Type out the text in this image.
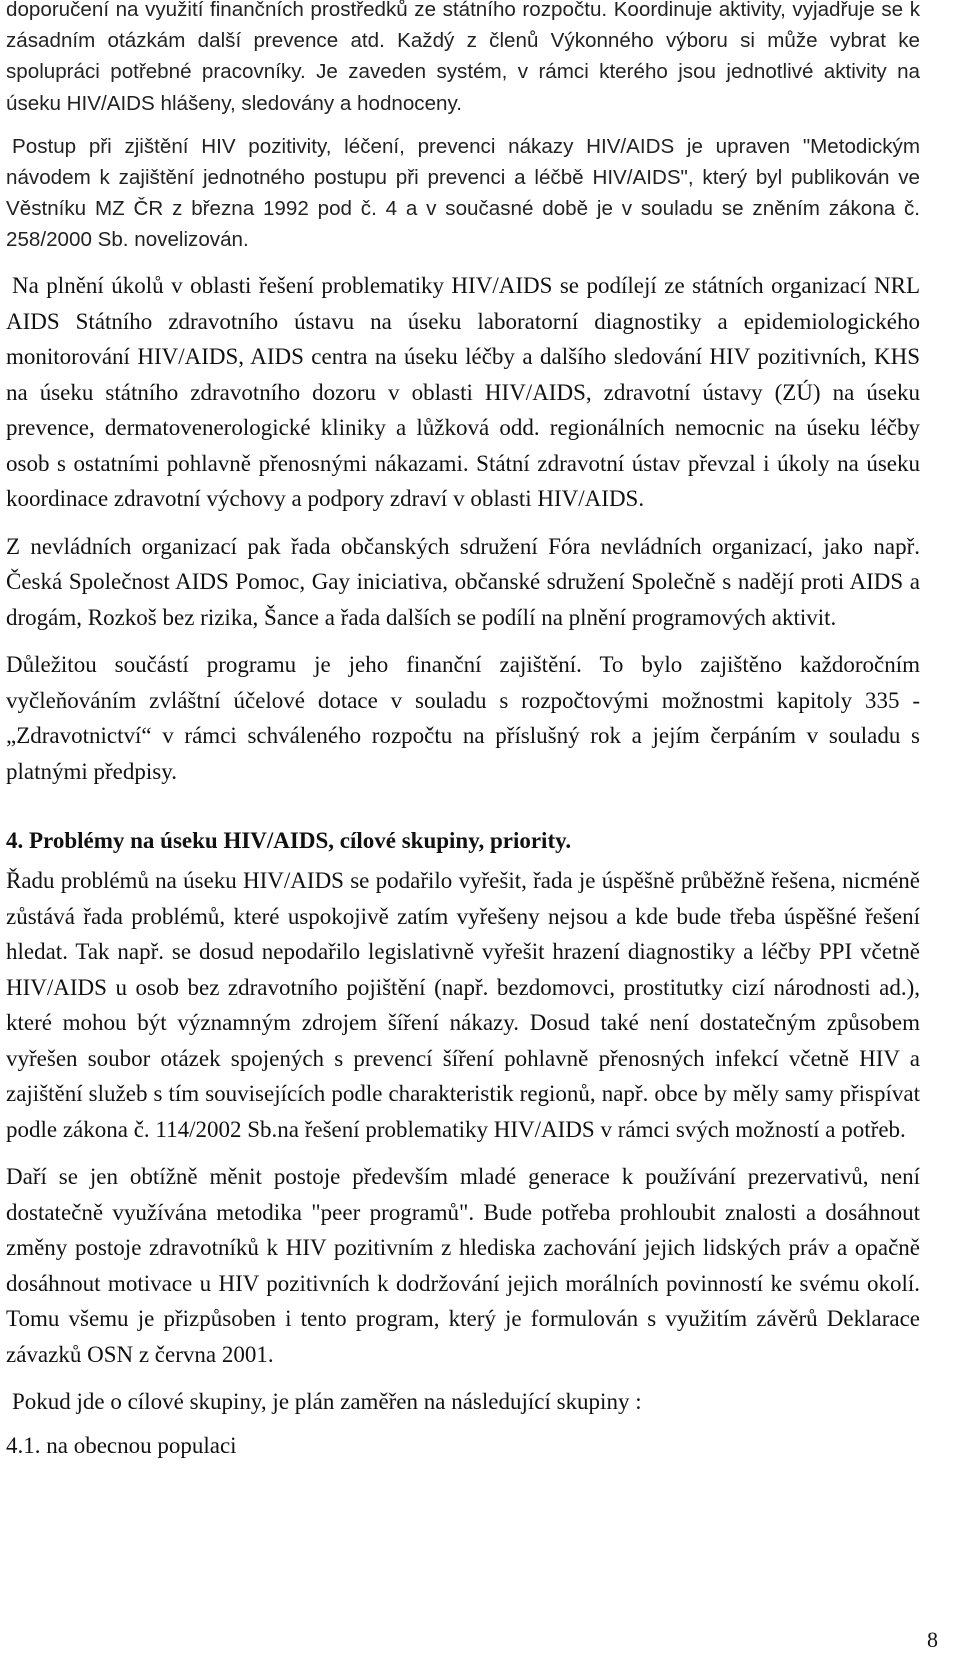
doporučení na využití finančních prostředků ze státního rozpočtu. Koordinuje aktivity, vyjadřuje se k zásadním otázkám další prevence atd. Každý z členů Výkonného výboru si může vybrat ke spolupráci potřebné pracovníky. Je zaveden systém, v rámci kterého jsou jednotlivé aktivity na úseku HIV/AIDS hlášeny, sledovány a hodnoceny.

Postup při zjištění HIV pozitivity, léčení, prevenci nákazy HIV/AIDS je upraven "Metodickým návodem k zajištění jednotného postupu při prevenci a léčbě HIV/AIDS", který byl publikován ve Věstníku MZ ČR z března 1992 pod č. 4 a v současné době je v souladu se zněním zákona č. 258/2000 Sb. novelizován.

Na plnění úkolů v oblasti řešení problematiky HIV/AIDS se podílejí ze státních organizací NRL AIDS Státního zdravotního ústavu na úseku laboratorní diagnostiky a epidemiologického monitorování HIV/AIDS, AIDS centra na úseku léčby a dalšího sledování HIV pozitivních, KHS na úseku státního zdravotního dozoru v oblasti HIV/AIDS, zdravotní ústavy (ZÚ) na úseku prevence, dermatovenerologické kliniky a lůžková odd. regionálních nemocnic na úseku léčby osob s ostatními pohlavně přenosnými nákazami. Státní zdravotní ústav převzal i úkoly na úseku koordinace zdravotní výchovy a podpory zdraví v oblasti HIV/AIDS.

Z nevládních organizací pak řada občanských sdružení Fóra nevládních organizací, jako např. Česká Společnost AIDS Pomoc, Gay iniciativa, občanské sdružení Společně s nadějí proti AIDS a drogám, Rozkoš bez rizika, Šance a řada dalších se podílí na plnění programových aktivit.

Důležitou součástí programu je jeho finanční zajištění. To bylo zajištěno každoročním vyčleňováním zvláštní účelové dotace v souladu s rozpočtovými možnostmi kapitoly 335 - „Zdravotnictví“ v rámci schváleného rozpočtu na příslušný rok a jejím čerpáním v souladu s platnými předpisy.

4. Problémy na úseku HIV/AIDS, cílové skupiny, priority.

Řadu problémů na úseku HIV/AIDS se podařilo vyřešit, řada je úspěšně průběžně řešena, nicméně zůstává řada problémů, které uspokojivě zatím vyřešeny nejsou a kde bude třeba úspěšné řešení hledat. Tak např. se dosud nepodařilo legislativně vyřešit hrazení diagnostiky a léčby PPI včetně HIV/AIDS u osob bez zdravotního pojištění (např. bezdomovci, prostitutky cizí národnosti ad.), které mohou být významným zdrojem šíření nákazy. Dosud také není dostatečným způsobem vyřešen soubor otázek spojených s prevencí šíření pohlavně přenosných infekcí včetně HIV a zajištění služeb s tím souvisejících podle charakteristik regionů, např. obce by měly samy přispívat podle zákona č. 114/2002 Sb.na řešení problematiky HIV/AIDS v rámci svých možností a potřeb.

Daří se jen obtížně měnit postoje především mladé generace k používání prezervativů, není dostatečně využívána metodika "peer programů". Bude potřeba prohloubit znalosti a dosáhnout změny postoje zdravotníků k HIV pozitivním z hlediska zachování jejich lidských práv a opačně dosáhnout motivace u HIV pozitivních k dodržování jejich morálních povinností ke svému okolí. Tomu všemu je přizpůsoben i tento program, který je formulován s využitím závěrů Deklarace závazků OSN z června 2001.

Pokud jde o cílové skupiny, je plán zaměřen na následující skupiny :

4.1. na obecnou populaci

8
